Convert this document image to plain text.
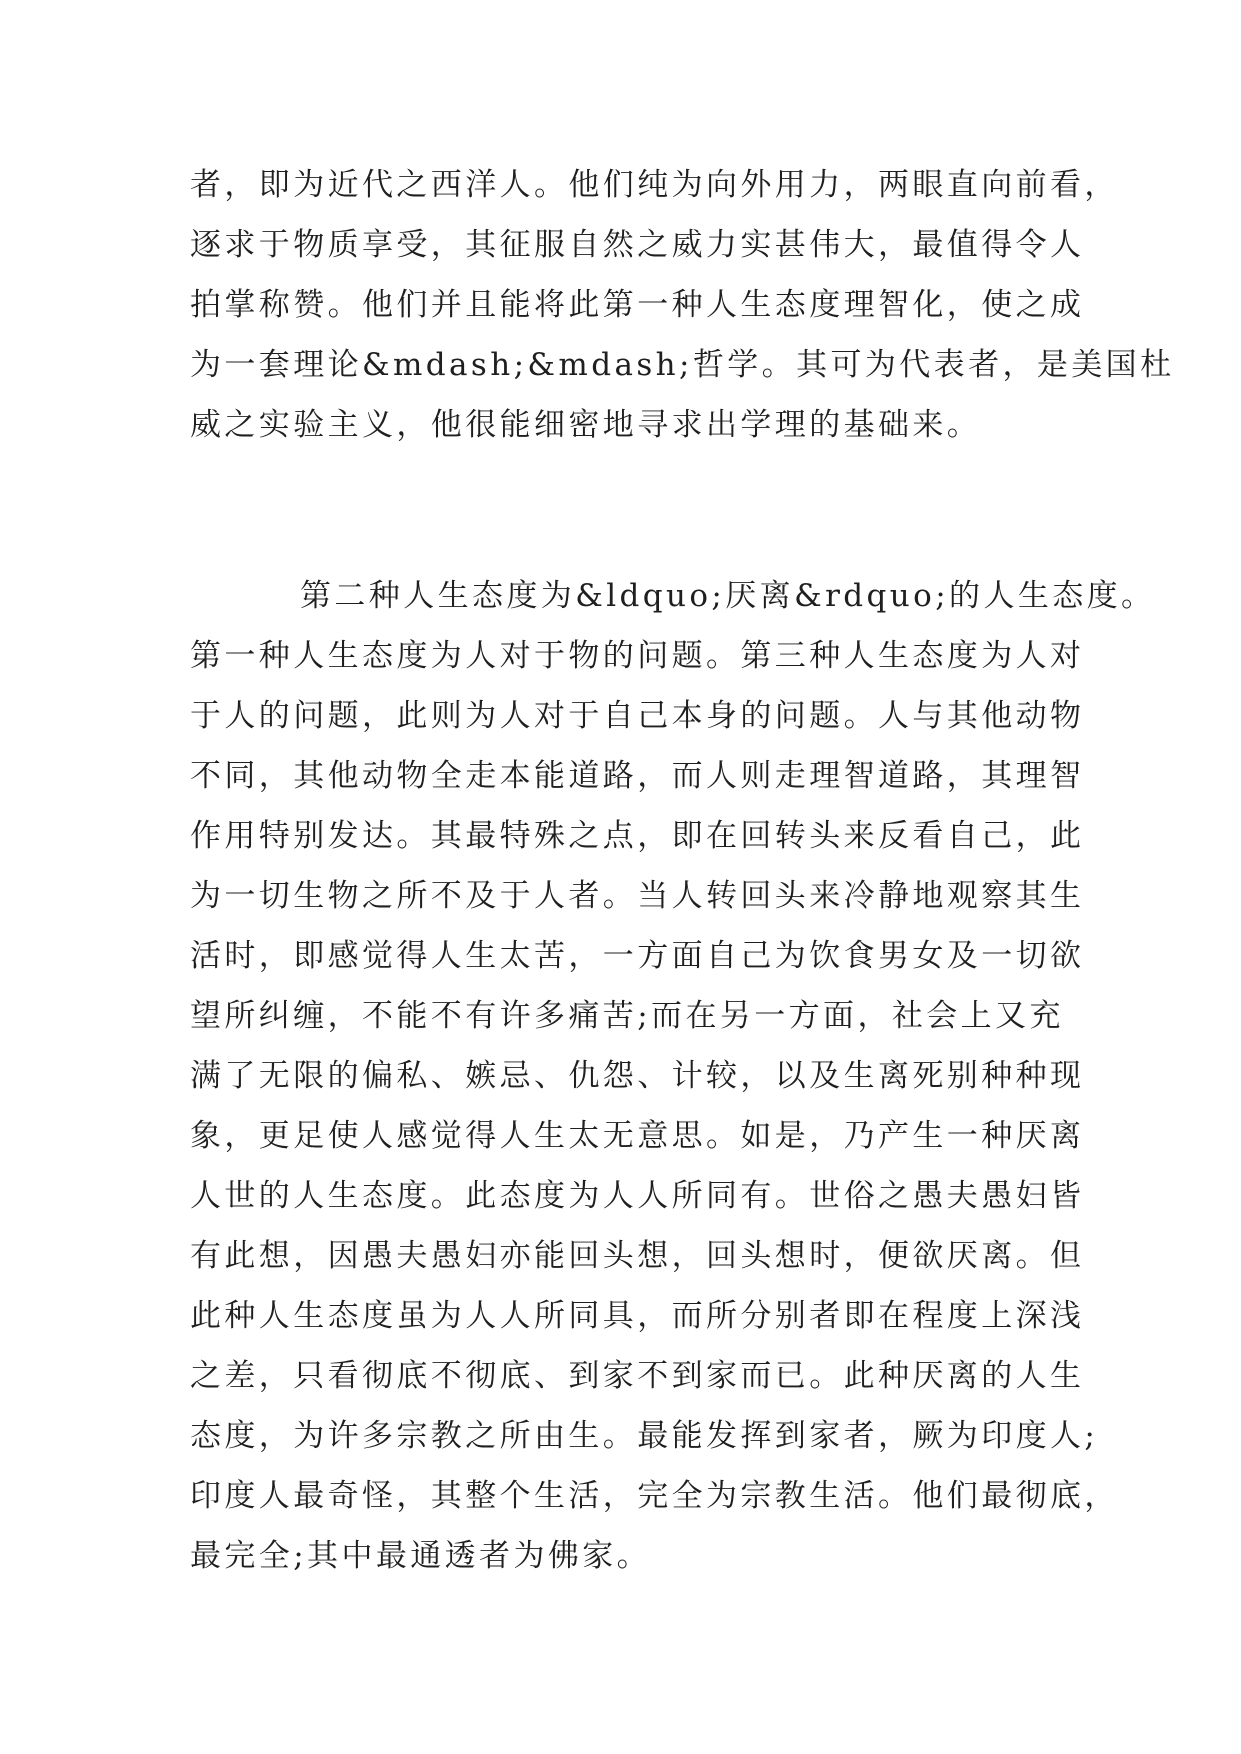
者，即为近代之西洋人。他们纯为向外用力，两眼直向前看，
逐求于物质享受，其征服自然之威力实甚伟大，最值得令人
拍掌称赞。他们并且能将此第一种人生态度理智化，使之成
为一套理论&mdash;&mdash;哲学。其可为代表者，是美国杜
威之实验主义，他很能细密地寻求出学理的基础来。
第二种人生态度为&ldquo;厌离&rdquo;的人生态度。
第一种人生态度为人对于物的问题。第三种人生态度为人对
于人的问题，此则为人对于自己本身的问题。人与其他动物
不同，其他动物全走本能道路，而人则走理智道路，其理智
作用特别发达。其最特殊之点，即在回转头来反看自己，此
为一切生物之所不及于人者。当人转回头来冷静地观察其生
活时，即感觉得人生太苦，一方面自己为饮食男女及一切欲
望所纠缠，不能不有许多痛苦;而在另一方面，社会上又充
满了无限的偏私、嫉忌、仇怨、计较，以及生离死别种种现
象，更足使人感觉得人生太无意思。如是，乃产生一种厌离
人世的人生态度。此态度为人人所同有。世俗之愚夫愚妇皆
有此想，因愚夫愚妇亦能回头想，回头想时，便欲厌离。但
此种人生态度虽为人人所同具，而所分别者即在程度上深浅
之差，只看彻底不彻底、到家不到家而已。此种厌离的人生
态度，为许多宗教之所由生。最能发挥到家者，厥为印度人;
印度人最奇怪，其整个生活，完全为宗教生活。他们最彻底，
最完全;其中最通透者为佛家。
